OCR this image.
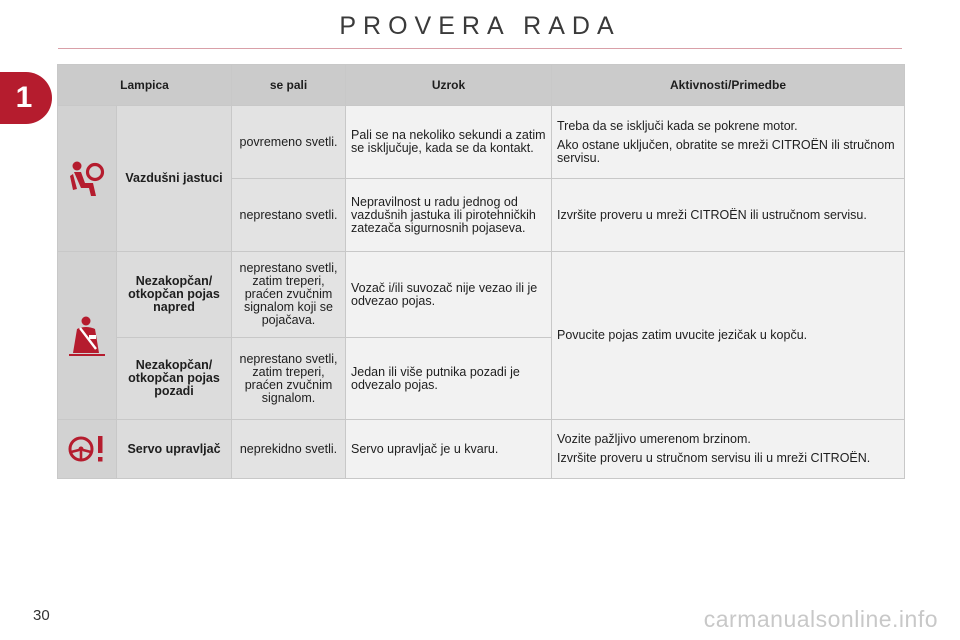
PROVERA RADA
1	Lampica		se pali	Uzrok	Aktivnosti/Primedbe

	Vazdušni jastuci	povremeno svetli.	Pali se na nekoliko sekundi a zatim se isključuje, kada se da kontakt.	Treba da se isključi kada se pokrene motor.

Ako ostane uključen, obratite se mreži CITROËN ili stručnom servisu.

		neprestano svetli.	Nepravilnost u radu jednog od vazdušnih jastuka ili pirotehničkih zatezača sigurnosnih pojaseva.	Izvršite proveru u mreži CITROËN ili ustručnom servisu.

	Nezakopčan/ otkopčan pojas napred	neprestano svetli, zatim treperi, praćen zvučnim signalom koji se pojačava.	Vozač i/ili suvozač nije vezao ili je odvezao pojas.	Povucite pojas zatim uvucite jezičak u kopču.
	Nezakopčan/ otkopčan pojas pozadi	neprestano svetli, zatim treperi, praćen zvučnim signalom.	Jedan ili više putnika pozadi je odvezalo pojas.	

	Servo upravljač	neprekidno svetli.	Servo upravljač je u kvaru.	Vozite pažljivo umerenom brzinom.

Izvršite proveru u stručnom servisu ili u mreži CITROËN.

30	carmanualsonline.info
